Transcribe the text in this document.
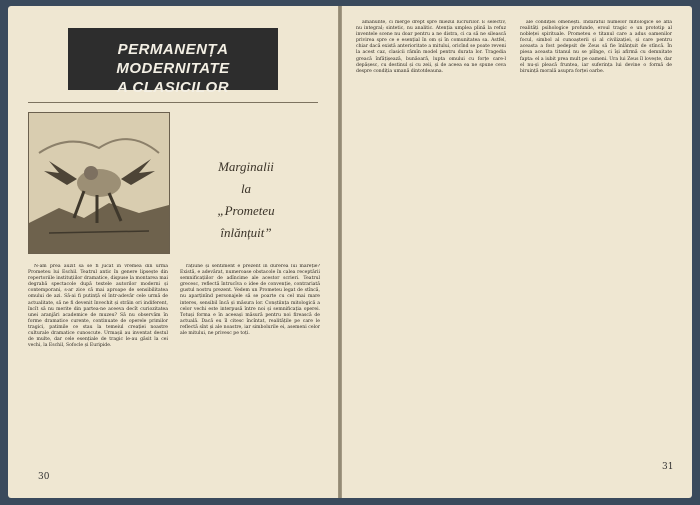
PERMANENȚA MODERNITATE
A CLASICILOR
Marginalii
la
„Prometeu
înlănțuit”

N-am prea auzit să se fi jucat în vremea din urmă Prometeu lui Eschil. Teatrul antic în genere lipsește din repertoriile instituțiilor dramatice, dispuse la montarea mai degrabă spectacole după textele autorilor moderni și contemporani, s-ar zice că mai aproape de sensibilitatea omului de azi. Să-ai fi putință el într-adevăr cele urmă de actualitate, să ne fi devenit învechit și străin ori indiferent, încît să nu merite din partea-ne aceeva decît curiozitatea unei aranjări academice de muzeu? Să nu observăm în forme dramatice curente, continuate de operele primilor tragici, patimile ce stau la temeiul creației noastre culturale dramatice cunoscute. Urmașii au inventat destul de multe, dar cele esențiale de tragic le-au găsit la cei vechi, la Eschil, Sofocle și Euripide.

rațiune și sentiment e prezent în durerea lui măreție? Există, e adevărat, numeroase obstacole în calea receptării semnificațiilor de adîncime ale acestor scrieri. Teatrul grecesc, reflectă întrucîva o idee de convenție, contrariată gustul nostru prezent. Vedem un Prometeu legat de stîncă, nu aparținînd personajele să se poarte cu cel mai mare interes, sensibil încă și măsura lor. Conștiința mitologică a celor vechi este interpusă între noi și semnificația operei. Totuși forma e în aceeași măsură pentru noi firească de actuală. Dacă eu îl citesc încîntat, realitățile pe care le reflectă sînt și ale noastre, iar simbolurile ei, asemeni celor ale mitului, ne privesc pe toți.

30

amănunte, ci merge drept spre miezul lucrurilor. E selectiv, nu integral; sintetic, nu analitic. Atenția umplea plină la refuz inventele scene nu doar pentru a ne distra, ci ca să ne silească privirea spre ce e esențial în om și în comunitatea sa. Astfel, chiar dacă există anterioritate a mitului, oricînd se poate reveni la acest caz, clasicii rămîn model pentru durata lor. Tragedia greacă înfățișează, bunăoară, lupta omului cu forțe care-l depășesc, cu destinul și cu zeii, și de aceea ea ne spune ceva despre condiția umană dintotdeauna.

ale condiției omenești. Indărătul numelor mitologice se află realități psihologice profunde, eroul tragic e un prototip al nobleței spirituale. Prometeu e titanul care a adus oamenilor focul, simbol al cunoașterii și al civilizației, și care pentru aceasta a fost pedepsit de Zeus să fie înlănțuit de stîncă. În piesa aceasta titanul nu se plînge, ci își afirmă cu demnitate fapta: el a iubit prea mult pe oameni. Ura lui Zeus îl lovește, dar el nu-și pleacă fruntea, iar suferința lui devine o formă de biruință morală asupra forței oarbe.

31
